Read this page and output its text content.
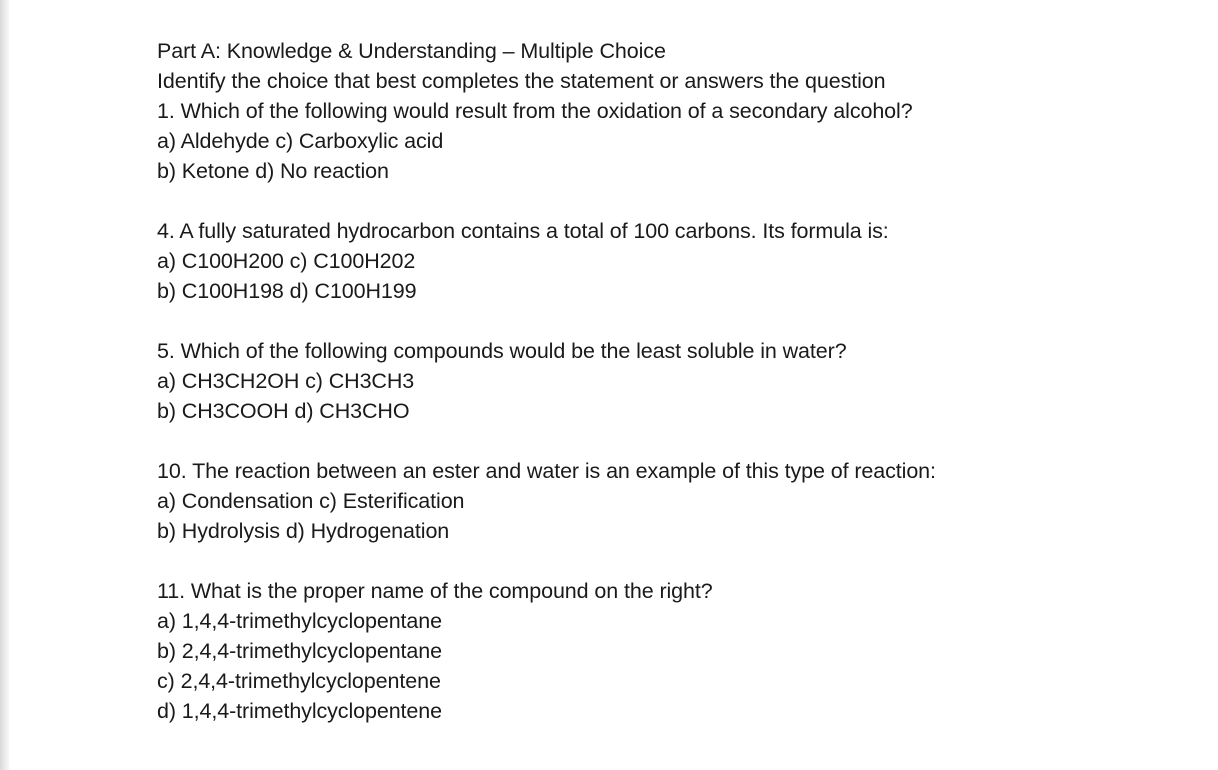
Part A: Knowledge & Understanding – Multiple Choice
Identify the choice that best completes the statement or answers the question
1. Which of the following would result from the oxidation of a secondary alcohol?
a) Aldehyde c) Carboxylic acid
b) Ketone d) No reaction
4. A fully saturated hydrocarbon contains a total of 100 carbons. Its formula is:
a) C100H200 c) C100H202
b) C100H198 d) C100H199
5. Which of the following compounds would be the least soluble in water?
a) CH3CH2OH c) CH3CH3
b) CH3COOH d) CH3CHO
10. The reaction between an ester and water is an example of this type of reaction:
a) Condensation c) Esterification
b) Hydrolysis d) Hydrogenation
11. What is the proper name of the compound on the right?
a) 1,4,4-trimethylcyclopentane
b) 2,4,4-trimethylcyclopentane
c) 2,4,4-trimethylcyclopentene
d) 1,4,4-trimethylcyclopentene
